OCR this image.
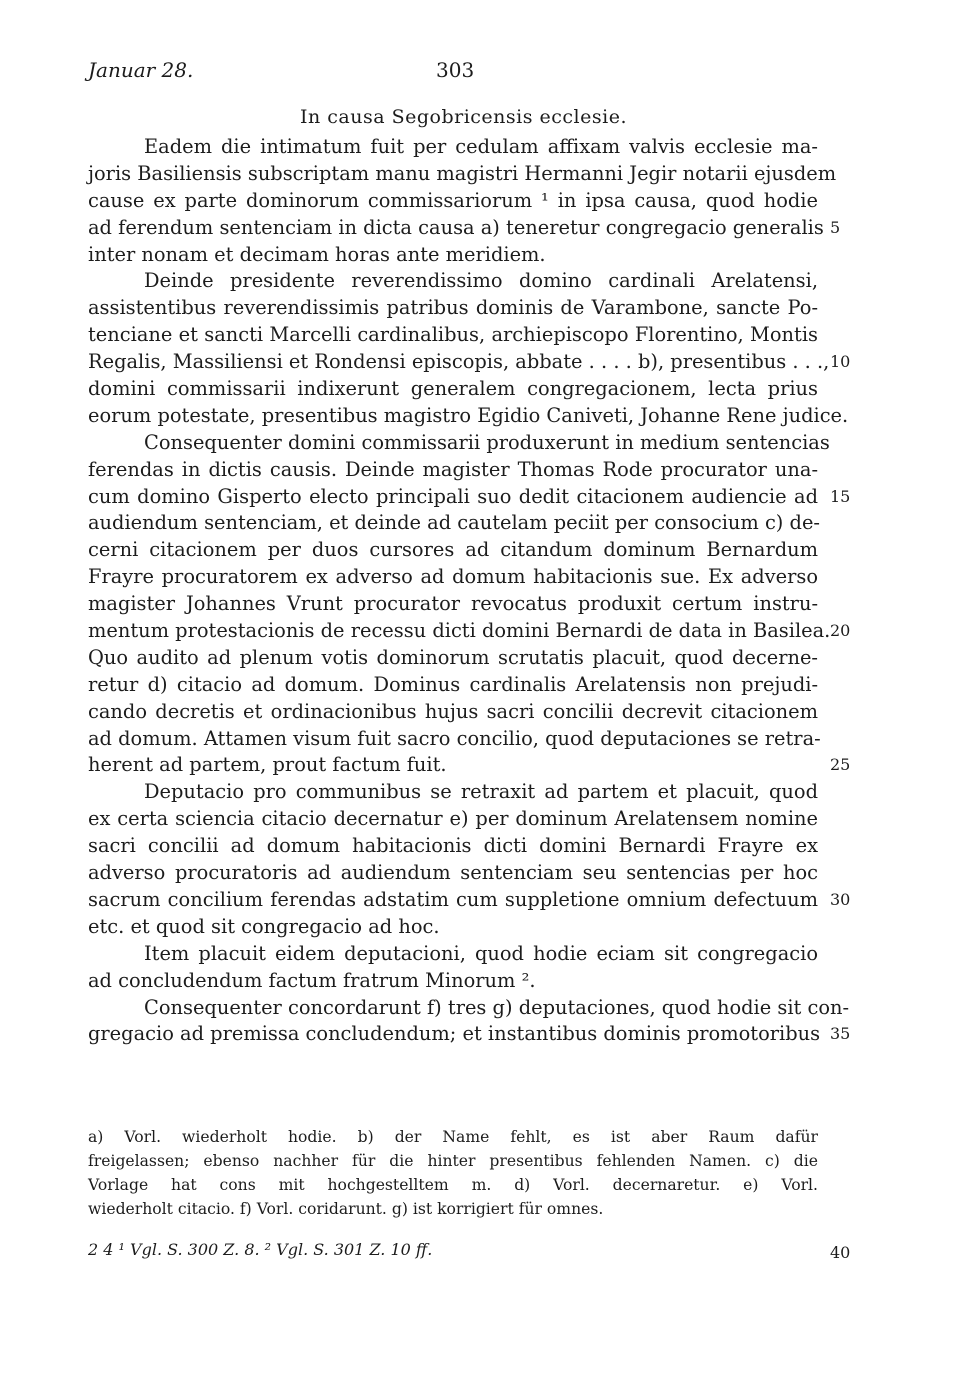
Januar 28.	303
In causa Segobricensis ecclesie.
Eadem die intimatum fuit per cedulam affixam valvis ecclesie ma-
joris Basiliensis subscriptam manu magistri Hermanni Jegir notarii ejusdem
cause ex parte dominorum commissariorum ¹ in ipsa causa, quod hodie
ad ferendum sentenciam in dicta causa a) teneretur congregacio generalis 5
inter nonam et decimam horas ante meridiem.
Deinde presidente reverendissimo domino cardinali Arelatensi,
assistentibus reverendissimis patribus dominis de Varambone, sancte Po-
tenciane et sancti Marcelli cardinalibus, archiepiscopo Florentino, Montis
Regalis, Massiliensi et Rondensi episcopis, abbate . . . . b), presentibus . . ., 10
domini commissarii indixerunt generalem congregacionem, lecta prius
eorum potestate, presentibus magistro Egidio Caniveti, Johanne Rene judice.
Consequenter domini commissarii produxerunt in medium sentencias
ferendas in dictis causis. Deinde magister Thomas Rode procurator una-
cum domino Gisperto electo principali suo dedit citacionem audiencie ad 15
audiendum sentenciam, et deinde ad cautelam peciit per consocium c) de-
cerni citacionem per duos cursores ad citandum dominum Bernardum
Frayre procuratorem ex adverso ad domum habitacionis sue. Ex adverso
magister Johannes Vrunt procurator revocatus produxit certum instru-
mentum protestacionis de recessu dicti domini Bernardi de data in Basilea. 20
Quo audito ad plenum votis dominorum scrutatis placuit, quod decerne-
retur d) citacio ad domum. Dominus cardinalis Arelatensis non prejudi-
cando decretis et ordinacionibus hujus sacri concilii decrevit citacionem
ad domum. Attamen visum fuit sacro concilio, quod deputaciones se retra-
herent ad partem, prout factum fuit.	25
Deputacio pro communibus se retraxit ad partem et placuit, quod
ex certa sciencia citacio decernatur e) per dominum Arelatensem nomine
sacri concilii ad domum habitacionis dicti domini Bernardi Frayre ex
adverso procuratoris ad audiendum sentenciam seu sentencias per hoc
sacrum concilium ferendas adstatim cum suppletione omnium defectuum 30
etc. et quod sit congregacio ad hoc.
Item placuit eidem deputacioni, quod hodie eciam sit congregacio
ad concludendum factum fratrum Minorum ².
Consequenter concordarunt f) tres g) deputaciones, quod hodie sit con-
gregacio ad premissa concludendum; et instantibus dominis promotoribus 35
a) Vorl. wiederholt hodie. b) der Name fehlt, es ist aber Raum dafür
freigelassen; ebenso nachher für die hinter presentibus fehlenden Namen. c) die
Vorlage hat cons mit hochgestelltem m. d) Vorl. decernaretur. e) Vorl.
wiederholt citacio. f) Vorl. coridarunt. g) ist korrigiert für omnes.
2 4 ¹ Vgl. S. 300 Z. 8. ² Vgl. S. 301 Z. 10 ff.	40
